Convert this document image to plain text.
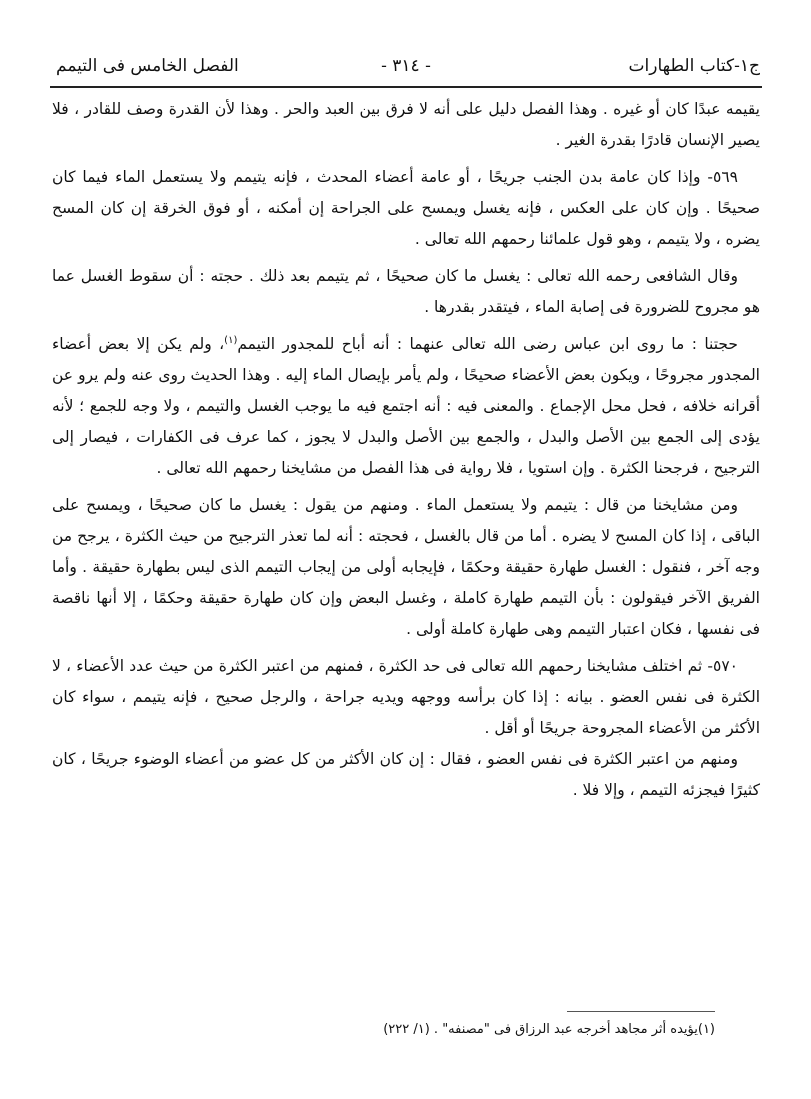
ج١-كتاب الطهارات
- ٣١٤ -
الفصل الخامس فى التيمم

يقيمه عبدًا كان أو غيره . وهذا الفصل دليل على أنه لا فرق بين العبد والحر . وهذا لأن القدرة وصف للقادر ، فلا يصير الإنسان قادرًا بقدرة الغير .

٥٦٩- وإذا كان عامة بدن الجنب جريحًا ، أو عامة أعضاء المحدث ، فإنه يتيمم ولا يستعمل الماء فيما كان صحيحًا . وإن كان على العكس ، فإنه يغسل ويمسح على الجراحة إن أمكنه ، أو فوق الخرقة إن كان المسح يضره ، ولا يتيمم ، وهو قول علمائنا رحمهم الله تعالى .

وقال الشافعى رحمه الله تعالى : يغسل ما كان صحيحًا ، ثم يتيمم بعد ذلك . حجته : أن سقوط الغسل عما هو مجروح للضرورة فى إصابة الماء ، فيتقدر بقدرها .

حجتنا : ما روى ابن عباس رضى الله تعالى عنهما : أنه أباح للمجدور التيمم$^{(١)}$، ولم يكن إلا بعض أعضاء المجدور مجروحًا ، ويكون بعض الأعضاء صحيحًا ، ولم يأمر بإيصال الماء إليه . وهذا الحديث روى عنه ولم يرو عن أقرانه خلافه ، فحل محل الإجماع . والمعنى فيه : أنه اجتمع فيه ما يوجب الغسل والتيمم ، ولا وجه للجمع ؛ لأنه يؤدى إلى الجمع بين الأصل والبدل ، والجمع بين الأصل والبدل لا يجوز ، كما عرف فى الكفارات ، فيصار إلى الترجيح ، فرجحنا الكثرة . وإن استويا ، فلا رواية فى هذا الفصل من مشايخنا رحمهم الله تعالى .

ومن مشايخنا من قال : يتيمم ولا يستعمل الماء . ومنهم من يقول : يغسل ما كان صحيحًا ، ويمسح على الباقى ، إذا كان المسح لا يضره . أما من قال بالغسل ، فحجته : أنه لما تعذر الترجيح من حيث الكثرة ، يرجح من وجه آخر ، فنقول : الغسل طهارة حقيقة وحكمًا ، فإيجابه أولى من إيجاب التيمم الذى ليس بطهارة حقيقة . وأما الفريق الآخر فيقولون : بأن التيمم طهارة كاملة ، وغسل البعض وإن كان طهارة حقيقة وحكمًا ، إلا أنها ناقصة فى نفسها ، فكان اعتبار التيمم وهى طهارة كاملة أولى .

٥٧٠- ثم اختلف مشايخنا رحمهم الله تعالى فى حد الكثرة ، فمنهم من اعتبر الكثرة من حيث عدد الأعضاء ، لا الكثرة فى نفس العضو . بيانه : إذا كان برأسه ووجهه ويديه جراحة ، والرجل صحيح ، فإنه يتيمم ، سواء كان الأكثر من الأعضاء المجروحة جريحًا أو أقل .

ومنهم من اعتبر الكثرة فى نفس العضو ، فقال : إن كان الأكثر من كل عضو من أعضاء الوضوء جريحًا ، كان كثيرًا فيجزئه التيمم ، وإلا فلا .

(١)يؤيده أثر مجاهد أخرجه عبد الرزاق فى "مصنفه" . (١/ ٢٢٢)
